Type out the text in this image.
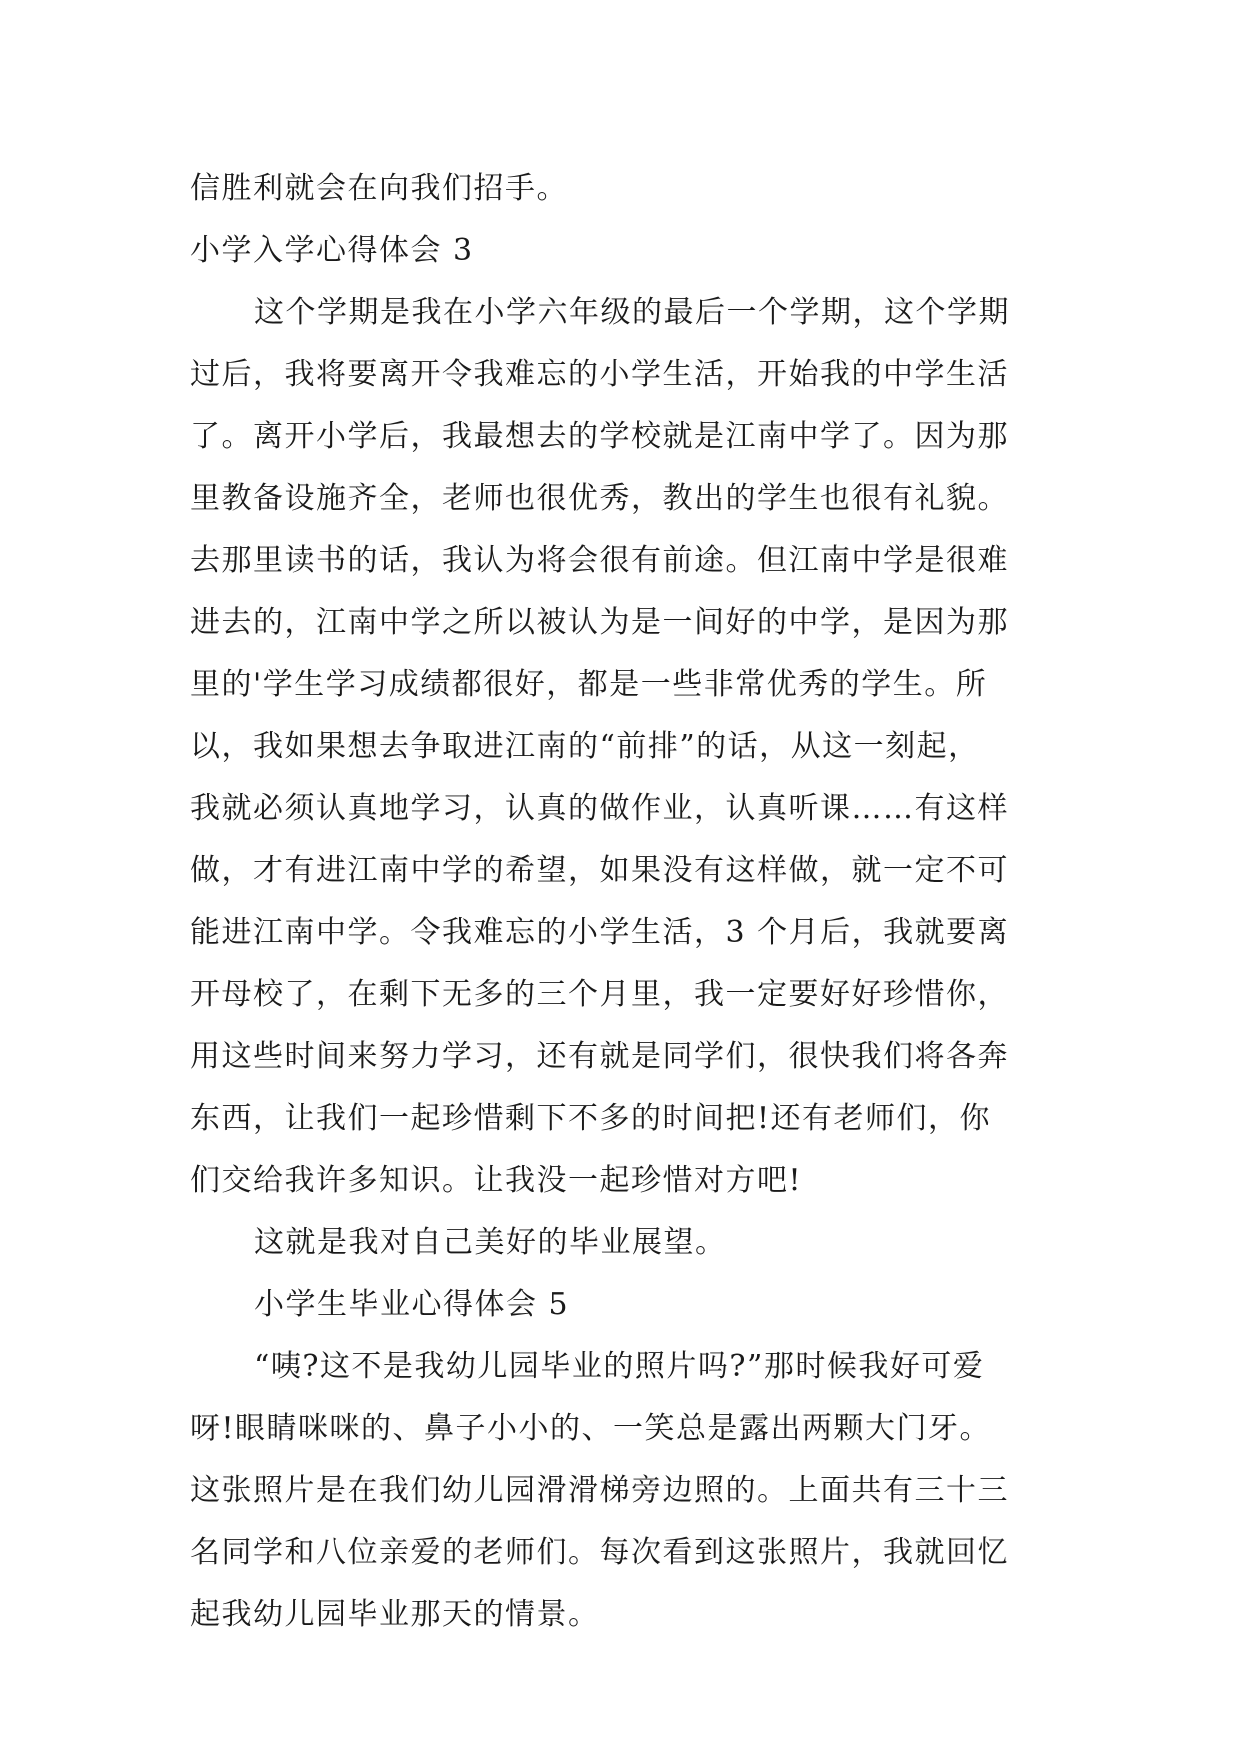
信胜利就会在向我们招手。
小学入学心得体会 3
这个学期是我在小学六年级的最后一个学期，这个学期
过后，我将要离开令我难忘的小学生活，开始我的中学生活
了。离开小学后，我最想去的学校就是江南中学了。因为那
里教备设施齐全，老师也很优秀，教出的学生也很有礼貌。
去那里读书的话，我认为将会很有前途。但江南中学是很难
进去的，江南中学之所以被认为是一间好的中学，是因为那
里的'学生学习成绩都很好，都是一些非常优秀的学生。所
以，我如果想去争取进江南的“前排”的话，从这一刻起，
我就必须认真地学习，认真的做作业，认真听课……有这样
做，才有进江南中学的希望，如果没有这样做，就一定不可
能进江南中学。令我难忘的小学生活，3 个月后，我就要离
开母校了，在剩下无多的三个月里，我一定要好好珍惜你，
用这些时间来努力学习，还有就是同学们，很快我们将各奔
东西，让我们一起珍惜剩下不多的时间把!还有老师们，你
们交给我许多知识。让我没一起珍惜对方吧!
这就是我对自己美好的毕业展望。
小学生毕业心得体会 5
“咦?这不是我幼儿园毕业的照片吗?”那时候我好可爱
呀!眼睛咪咪的、鼻子小小的、一笑总是露出两颗大门牙。
这张照片是在我们幼儿园滑滑梯旁边照的。上面共有三十三
名同学和八位亲爱的老师们。每次看到这张照片，我就回忆
起我幼儿园毕业那天的情景。
